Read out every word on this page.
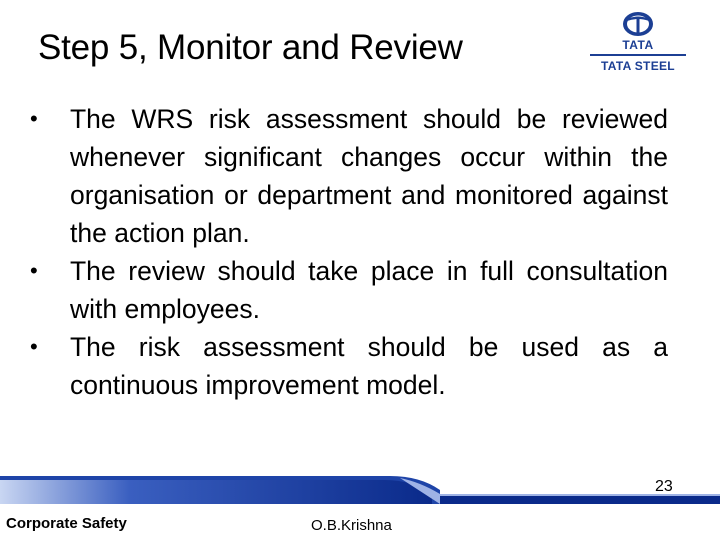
Step 5, Monitor and Review	TATA
TATA STEEL
• The WRS risk assessment should be reviewed whenever significant changes occur within the organisation or department and monitored against the action plan.
• The review should take place in full consultation with employees.
• The risk assessment should be used as a continuous improvement model.
Corporate Safety	O.B.Krishna
23
